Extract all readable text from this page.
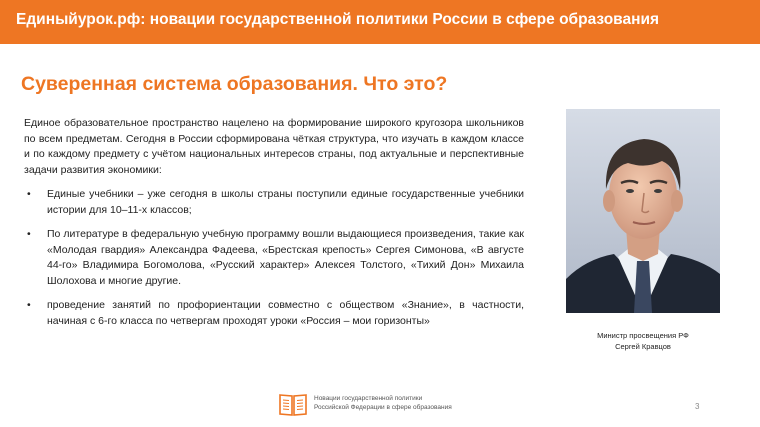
Единыйурок.рф: новации государственной политики России в сфере образования
Суверенная система образования. Что это?

Единое образовательное пространство нацелено на формирование широкого кругозора школьников по всем предметам. Сегодня в России сформирована чёткая структура, что изучать в каждом классе и по каждому предмету с учётом национальных интересов страны, под актуальные и перспективные задачи развития экономики:

• Единые учебники – уже сегодня в школы страны поступили единые государственные учебники истории для 10–11-х классов;
• По литературе в федеральную учебную программу вошли выдающиеся произведения, такие как «Молодая гвардия» Александра Фадеева, «Брестская крепость» Сергея Симонова, «В августе 44-го» Владимира Богомолова, «Русский характер» Алексея Толстого, «Тихий Дон» Михаила Шолохова и многие другие.
• проведение занятий по профориентации совместно с обществом «Знание», в частности, начиная с 6-го класса по четвергам проходят уроки «Россия – мои горизонты»
Министр просвещения РФ
Сергей Кравцов
Новации государственной политики
Российской Федерации в сфере образования	3
